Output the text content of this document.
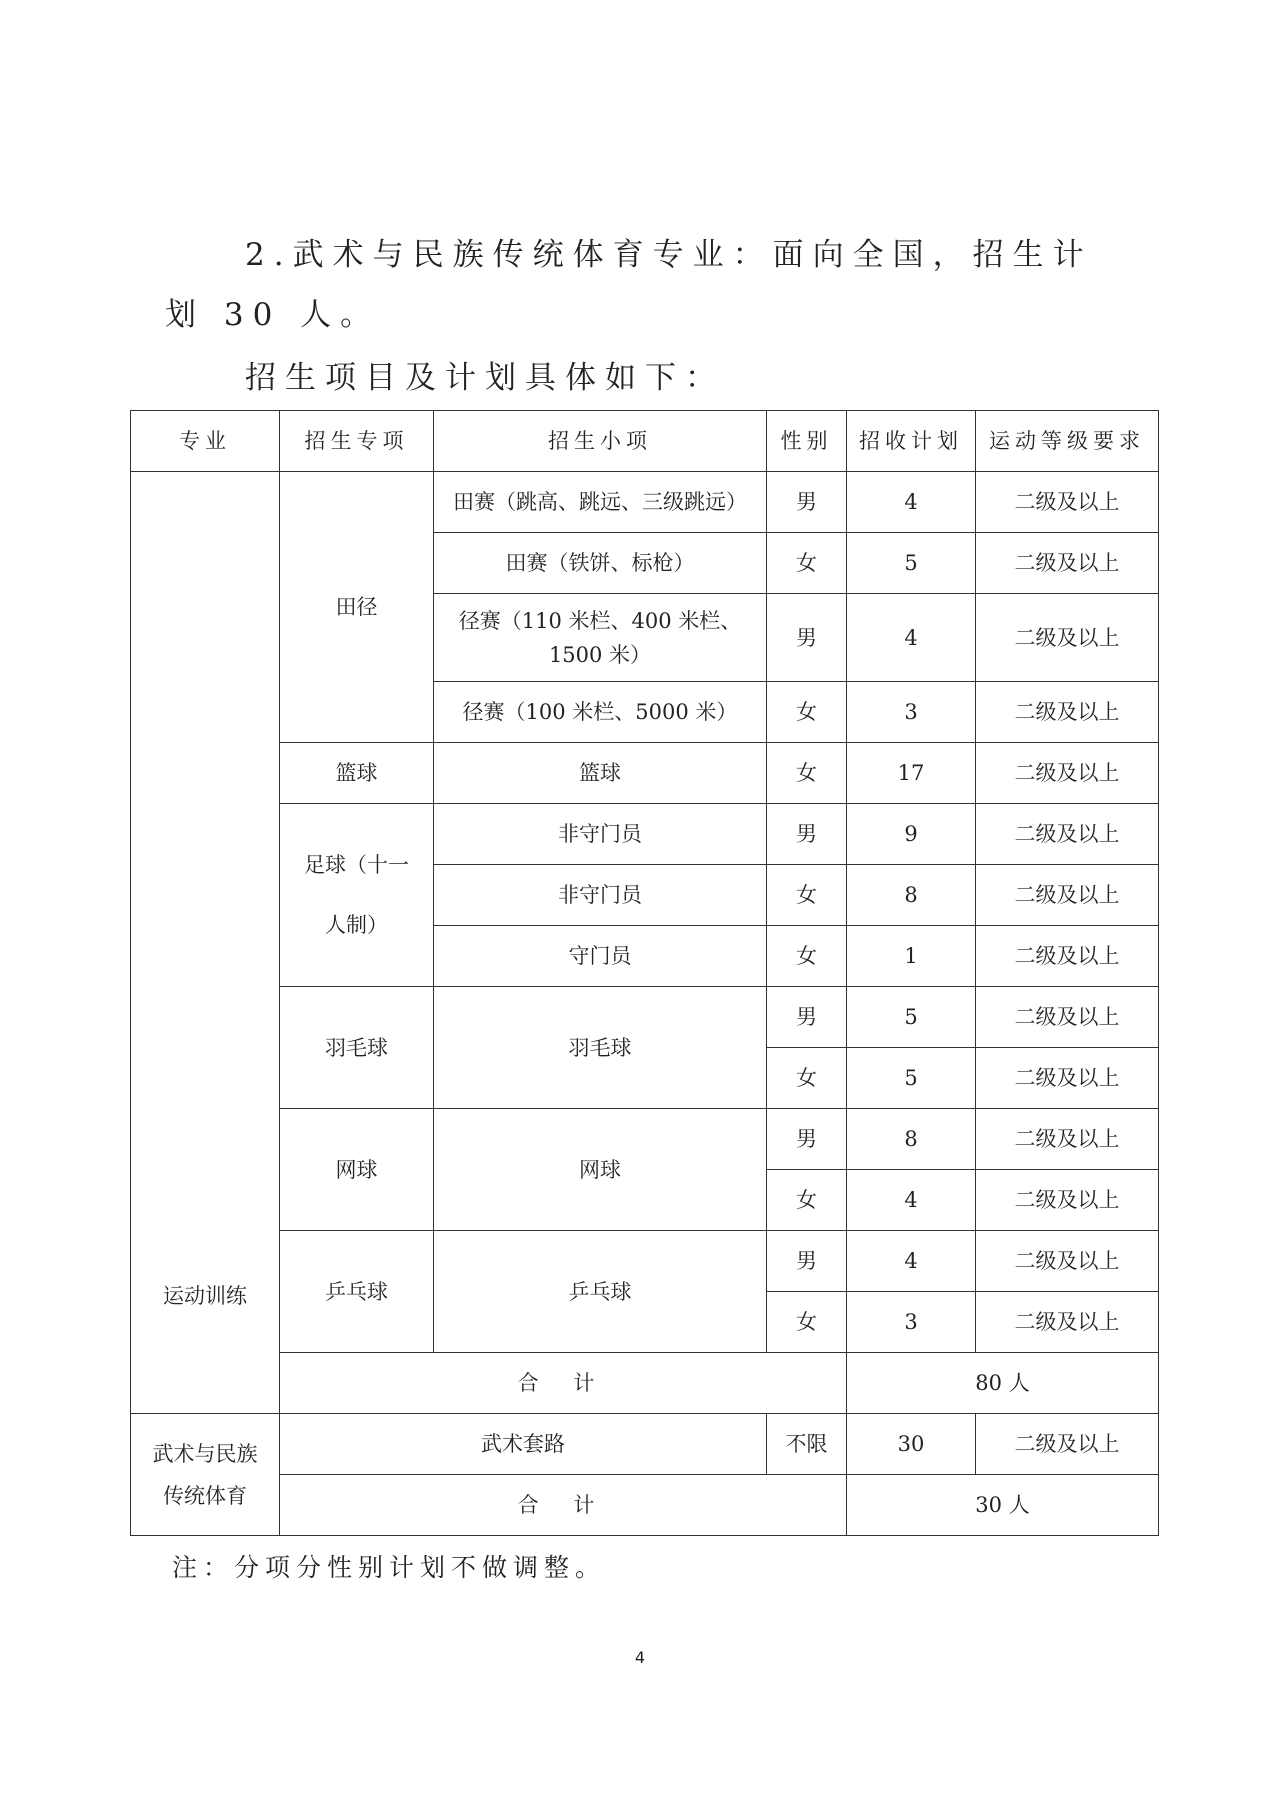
2.武术与民族传统体育专业：面向全国，招生计划 30 人。
招生项目及计划具体如下：
专业	招生专项	招生小项	性别	招收计划	运动等级要求
运动训练	田径	田赛（跳高、跳远、三级跳远）	男	4	二级及以上
		田赛（铁饼、标枪）	女	5	二级及以上
		径赛（110 米栏、400 米栏、1500 米）	男	4	二级及以上
		径赛（100 米栏、5000 米）	女	3	二级及以上
	篮球	篮球	女	17	二级及以上
	足球（十一人制）	非守门员	男	9	二级及以上
		非守门员	女	8	二级及以上
		守门员	女	1	二级及以上
	羽毛球	羽毛球	男	5	二级及以上
			女	5	二级及以上
	网球	网球	男	8	二级及以上
			女	4	二级及以上
	乒乓球	乒乓球	男	4	二级及以上
			女	3	二级及以上
	合 计			80 人	
武术与民族传统体育	武术套路		不限	30	二级及以上
	合 计			30 人	
注：分项分性别计划不做调整。
4
